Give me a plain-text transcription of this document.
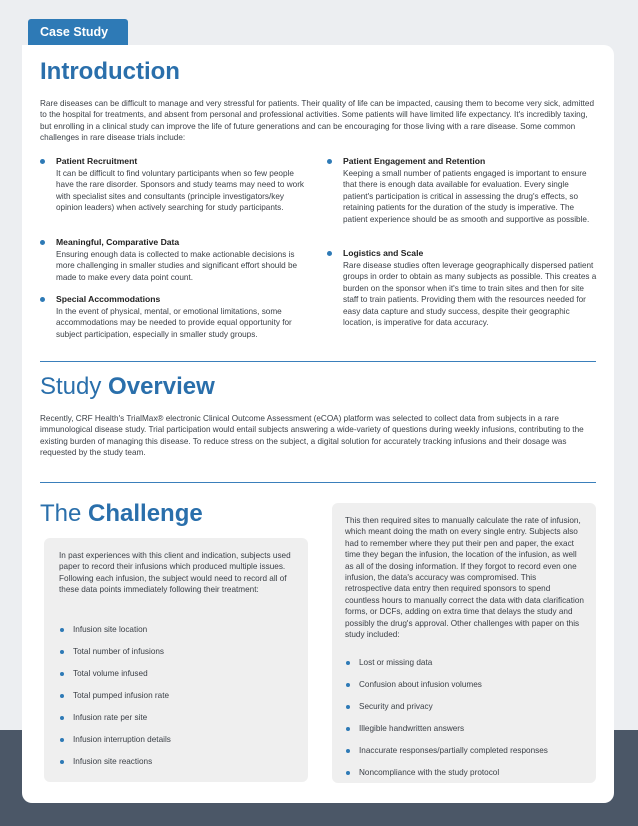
Case Study
Introduction

Rare diseases can be difficult to manage and very stressful for patients. Their quality of life can be impacted, causing them to become very sick, admitted to the hospital for treatments, and absent from personal and professional activities. Some patients will have limited life expectancy. It's incredibly taxing, but enrolling in a clinical study can improve the life of future generations and can be encouraging for those living with a rare disease. Some common challenges in rare disease trials include:

Patient Recruitment
It can be difficult to find voluntary participants when so few people have the rare disorder. Sponsors and study teams may need to work with specialist sites and consultants (principle investigators/key opinion leaders) when actively searching for study participants.
Meaningful, Comparative Data
Ensuring enough data is collected to make actionable decisions is more challenging in smaller studies and significant effort should be made to make every data point count.
Special Accommodations
In the event of physical, mental, or emotional limitations, some accommodations may be needed to provide equal opportunity for subject participation, especially in smaller study groups.
Patient Engagement and Retention
Keeping a small number of patients engaged is important to ensure that there is enough data available for evaluation. Every single patient's participation is critical in assessing the drug's effects, so retaining patients for the duration of the study is imperative. The patient experience should be as smooth and supportive as possible.
Logistics and Scale
Rare disease studies often leverage geographically dispersed patient groups in order to obtain as many subjects as possible. This creates a burden on the sponsor when it's time to train sites and then for site staff to train patients. Providing them with the resources needed for easy data capture and study success, despite their geographic location, is imperative for data accuracy.
Study Overview

Recently, CRF Health's TrialMax® electronic Clinical Outcome Assessment (eCOA) platform was selected to collect data from subjects in a rare immunological disease study. Trial participation would entail subjects answering a wide-variety of questions during weekly infusions, contributing to the existing burden of managing this disease. To reduce stress on the subject, a digital solution for accurately tracking infusions and their dosage was requested by the study team.

The Challenge

In past experiences with this client and indication, subjects used paper to record their infusions which produced multiple issues. Following each infusion, the subject would need to record all of these data points immediately following their treatment:

Infusion site location
Total number of infusions
Total volume infused
Total pumped infusion rate
Infusion rate per site
Infusion interruption details
Infusion site reactions

This then required sites to manually calculate the rate of infusion, which meant doing the math on every single entry. Subjects also had to remember where they put their pen and paper, the exact time they began the infusion, the location of the infusion, as well as all of the dosing information. If they forgot to record even one infusion, the data's accuracy was compromised. This retrospective data entry then required sponsors to spend countless hours to manually correct the data with data clarification forms, or DCFs, adding on extra time that delays the study and possibly the drug's approval. Other challenges with paper on this study included:

Lost or missing data
Confusion about infusion volumes
Security and privacy
Illegible handwritten answers
Inaccurate responses/partially completed responses
Noncompliance with the study protocol
